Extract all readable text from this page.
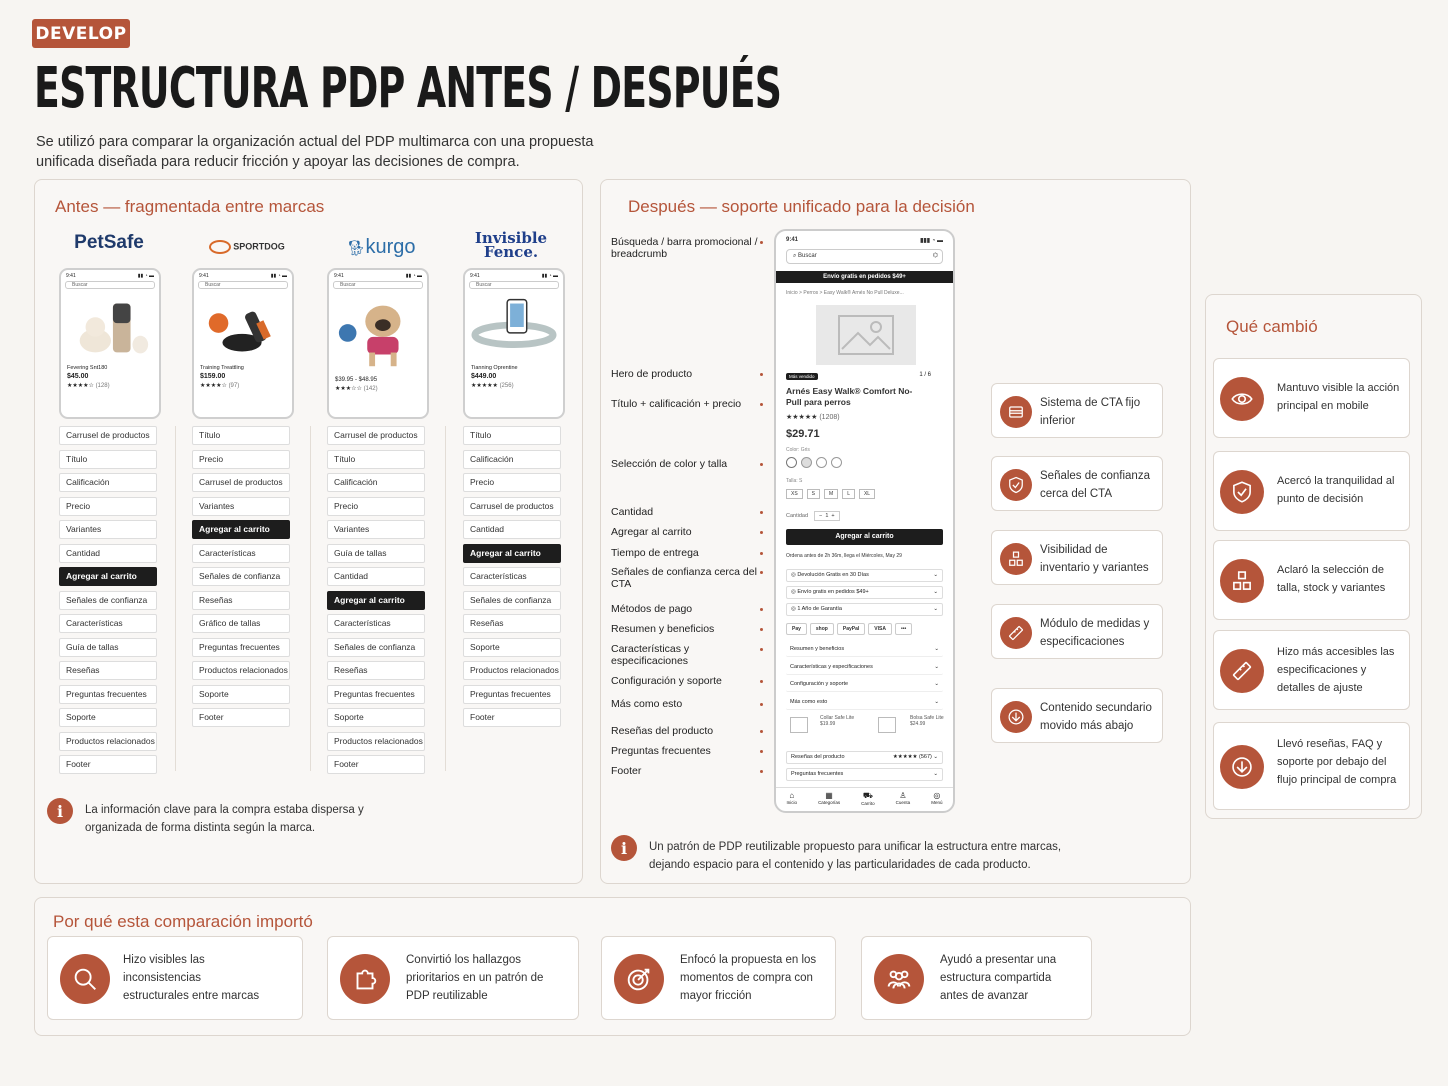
DEVELOP
ESTRUCTURA PDP ANTES / DESPUÉS
Se utilizó para comparar la organización actual del PDP multimarca con una propuesta unificada diseñada para reducir fricción y apoyar las decisiones de compra.
Antes — fragmentada entre marcas
PetSafe	SPORTDOG	🐕︎kurgo	Invisible Fence.
9:41	▮▮ ◔ ▬
Buscar
Fevering Snt180
$45.00
★★★★☆ (128)
9:41	▮▮ ◔ ▬
Buscar
Training Treattling
$159.00
★★★★☆ (97)
9:41	▮▮ ◔ ▬
Buscar
$39.95 - $48.95
★★★☆☆ (142)
9:41	▮▮ ◔ ▬
Buscar
Tianning Oprentine
$449.00
★★★★★ (256)
Carrusel de productos
Título
Calificación
Precio
Variantes
Cantidad
Agregar al carrito
Señales de confianza
Características
Guía de tallas
Reseñas
Preguntas frecuentes
Soporte
Productos relacionados
Footer
Título
Precio
Carrusel de productos
Variantes
Agregar al carrito
Características
Señales de confianza
Reseñas
Gráfico de tallas
Preguntas frecuentes
Productos relacionados
Soporte
Footer
Carrusel de productos
Título
Calificación
Precio
Variantes
Guía de tallas
Cantidad
Agregar al carrito
Características
Señales de confianza
Reseñas
Preguntas frecuentes
Soporte
Productos relacionados
Footer
Título
Calificación
Precio
Carrusel de productos
Cantidad
Agregar al carrito
Características
Señales de confianza
Reseñas
Soporte
Productos relacionados
Preguntas frecuentes
Footer
i	La información clave para la compra estaba dispersa y organizada de forma distinta según la marca.
Después — soporte unificado para la decisión
Búsqueda / barra promocional / breadcrumb
Hero de producto
Título + calificación + precio
Selección de color y talla
Cantidad
Agregar al carrito
Tiempo de entrega
Señales de confianza cerca del CTA
Métodos de pago
Resumen y beneficios
Características y especificaciones
Configuración y soporte
Más como esto
Reseñas del producto
Preguntas frecuentes
Footer
9:41	▮▮▮ ◔ ▬
⌕ Buscar	⌬
Envío gratis en pedidos $49+
Inicio > Perros > Easy Walk® Arnés No Pull Deluxe...
Más vendido	1 / 6
Arnés Easy Walk® Comfort No-Pull para perros
★★★★★ (1208)
$29.71
Color: Gris
Talla: S
XS	S	M	L	XL
Cantidad	−  1  +
Agregar al carrito
Ordena antes de 2h 36m, llega el Miércoles, May 29
◎ Devolución Gratis en 30 Días	⌄
◎ Envío gratis en pedidos $49+	⌄
◎ 1 Año de Garantía	⌄
Pay	shop	PayPal	VISA	•••
Resumen y beneficios	⌄
Características y especificaciones	⌄
Configuración y soporte	⌄
Más como esto	⌄
Collar Safe Lite
$19.99
Bolsa Safe Lite
$24.99
Reseñas del producto	★★★★★ (567) ⌄
Preguntas frecuentes	⌄
⌂
Inicio
▦
Categorías
⛟
Carrito
♙
Cuenta
◎
Menú
Sistema de CTA fijo inferior
Señales de confianza cerca del CTA
Visibilidad de inventario y variantes
Módulo de medidas y especificaciones
Contenido secundario movido más abajo
i	Un patrón de PDP reutilizable propuesto para unificar la estructura entre marcas, dejando espacio para el contenido y las particularidades de cada producto.
Qué cambió
Mantuvo visible la acción principal en mobile
Acercó la tranquilidad al punto de decisión
Aclaró la selección de talla, stock y variantes
Hizo más accesibles las especificaciones y detalles de ajuste
Llevó reseñas, FAQ y soporte por debajo del flujo principal de compra
Por qué esta comparación importó
Hizo visibles las inconsistencias estructurales entre marcas
Convirtió los hallazgos prioritarios en un patrón de PDP reutilizable
Enfocó la propuesta en los momentos de compra con mayor fricción
Ayudó a presentar una estructura compartida antes de avanzar
